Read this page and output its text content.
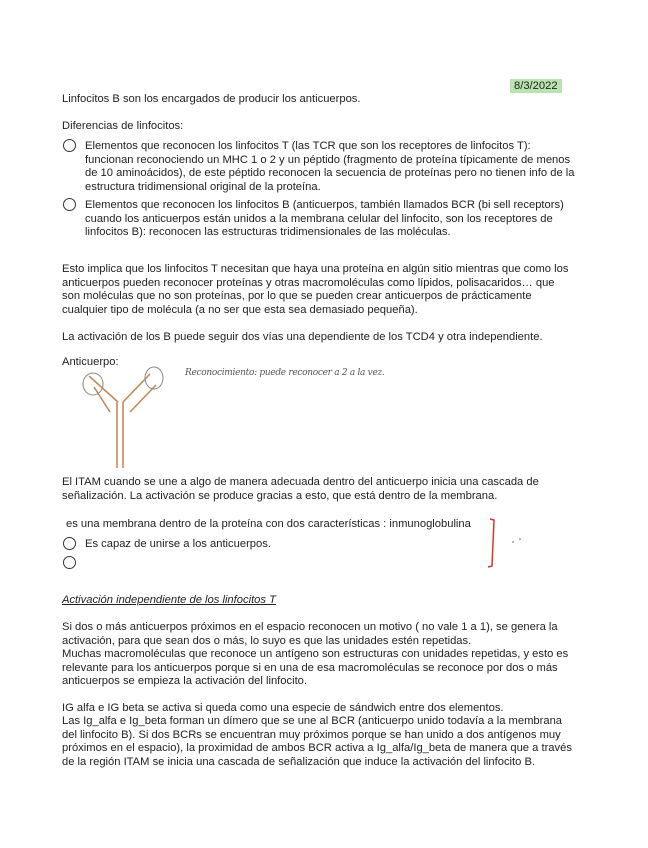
8/3/2022
Linfocitos B son los encargados de producir los anticuerpos.
Diferencias de linfocitos:
Elementos que reconocen los linfocitos T (las TCR que son los receptores de linfocitos T):
funcionan reconociendo un MHC 1 o 2 y un péptido (fragmento de proteína típicamente de menos
de 10 aminoácidos), de este péptido reconocen la secuencia de proteínas pero no tienen info de la
estructura tridimensional original de la proteína.
Elementos que reconocen los linfocitos B (anticuerpos, también llamados BCR (bi sell receptors)
cuando los anticuerpos están unidos a la membrana celular del linfocito, son los receptores de
linfocitos B): reconocen las estructuras tridimensionales de las moléculas.
Esto implica que los linfocitos T necesitan que haya una proteína en algún sitio mientras que como los
anticuerpos pueden reconocer proteínas y otras macromoléculas como lípidos, polisacaridos… que
son moléculas que no son proteínas, por lo que se pueden crear anticuerpos de prácticamente
cualquier tipo de molécula (a no ser que esta sea demasiado pequeña).
La activación de los B puede seguir dos vías una dependiente de los TCD4 y otra independiente.
Anticuerpo:
Reconocimiento: puede reconocer a 2 a la vez.
El ITAM cuando se une a algo de manera adecuada dentro del anticuerpo inicia una cascada de
señalización. La activación se produce gracias a esto, que está dentro de la membrana.
es una membrana dentro de la proteína con dos características : inmunoglobulina
Es capaz de unirse a los anticuerpos.
Activación independiente de los linfocitos T
Si dos o más anticuerpos próximos en el espacio reconocen un motivo ( no vale 1 a 1), se genera la
activación, para que sean dos o más, lo suyo es que las unidades estén repetidas.
Muchas macromoléculas que reconoce un antígeno son estructuras con unidades repetidas, y esto es
relevante para los anticuerpos porque si en una de esa macromoléculas se reconoce por dos o más
anticuerpos se empieza la activación del linfocito.
IG alfa e IG beta se activa si queda como una especie de sándwich entre dos elementos.
Las Ig_alfa e Ig_beta forman un dímero que se une al BCR (anticuerpo unido todavía a la membrana
del linfocito B). Si dos BCRs se encuentran muy próximos porque se han unido a dos antígenos muy
próximos en el espacio), la proximidad de ambos BCR activa a Ig_alfa/Ig_beta de manera que a través
de la región ITAM se inicia una cascada de señalización que induce la activación del linfocito B.
